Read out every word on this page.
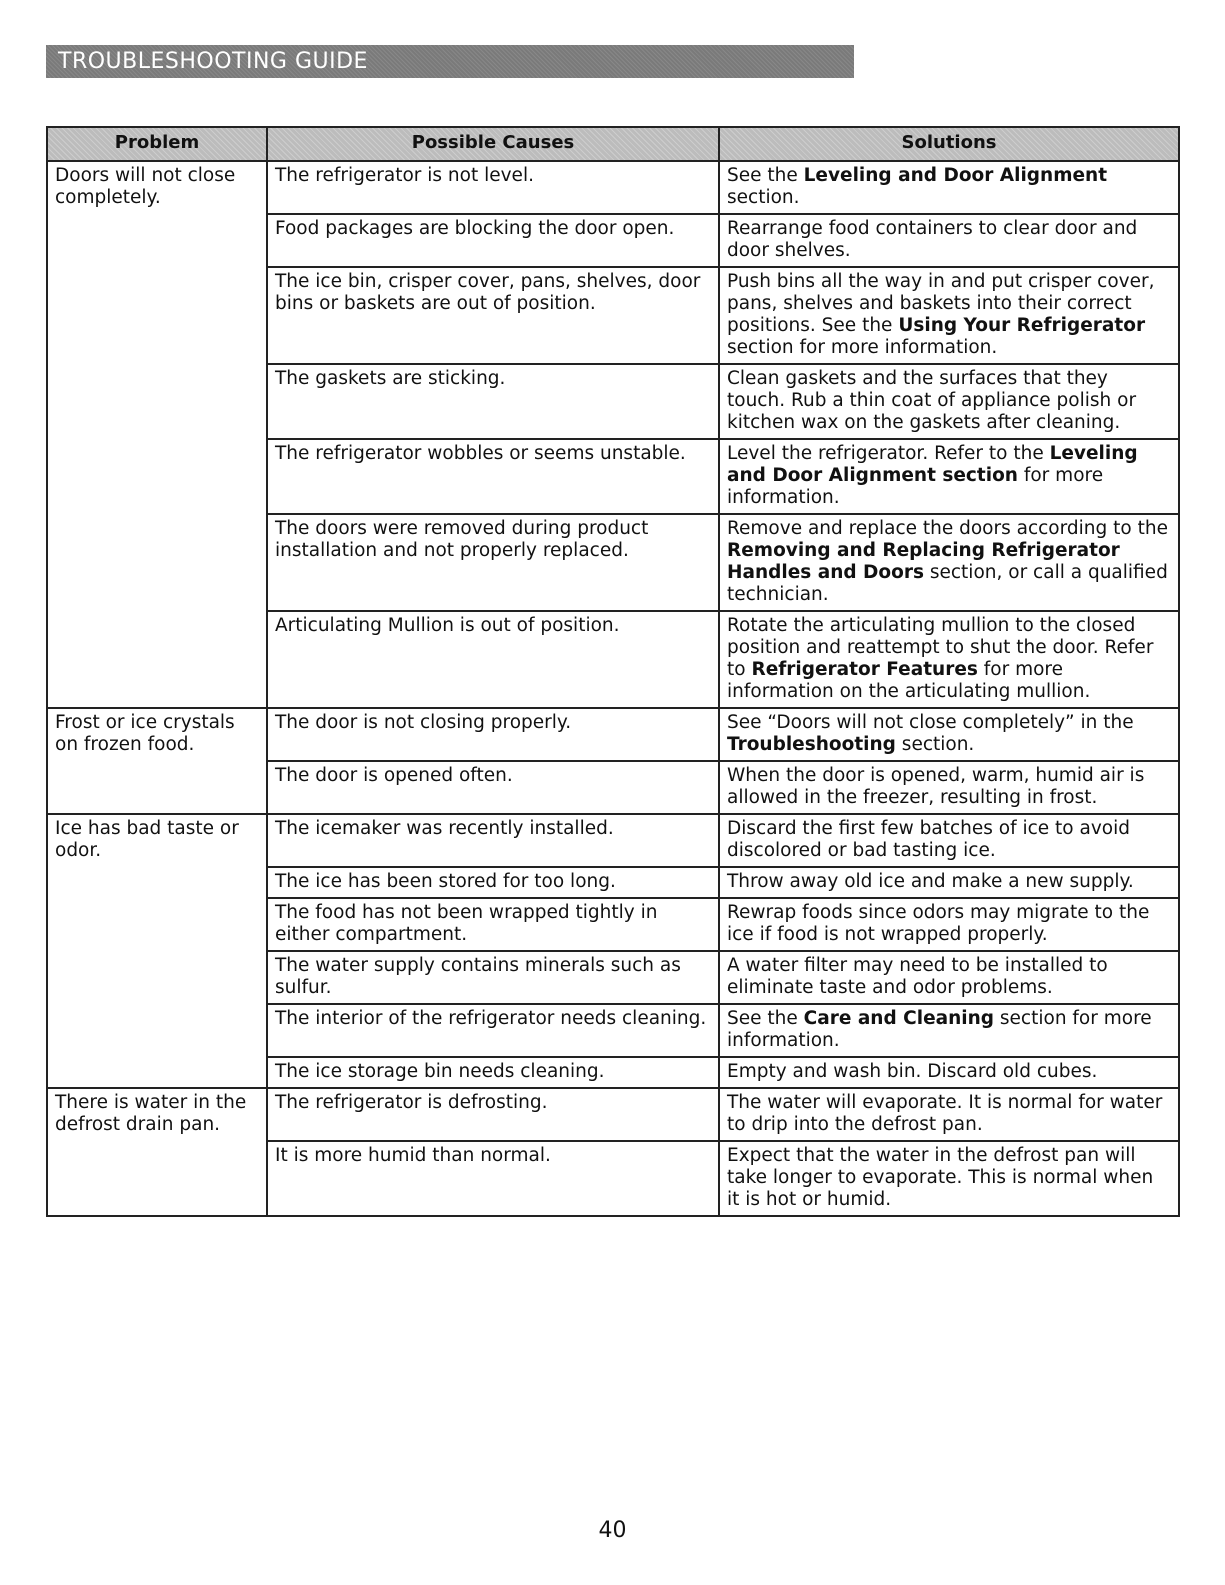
TROUBLESHOOTING GUIDE
Problem	Possible Causes	Solutions
Doors will not close completely.	The refrigerator is not level.	See the Leveling and Door Alignment section.
	Food packages are blocking the door open.	Rearrange food containers to clear door and door shelves.
	The ice bin, crisper cover, pans, shelves, door bins or baskets are out of position.	Push bins all the way in and put crisper cover, pans, shelves and baskets into their correct positions. See the Using Your Refrigerator section for more information.
	The gaskets are sticking.	Clean gaskets and the surfaces that they touch. Rub a thin coat of appliance polish or kitchen wax on the gaskets after cleaning.
	The refrigerator wobbles or seems unstable.	Level the refrigerator. Refer to the Leveling and Door Alignment section for more information.
	The doors were removed during product installation and not properly replaced.	Remove and replace the doors according to the Removing and Replacing Refrigerator Handles and Doors section, or call a qualified technician.
	Articulating Mullion is out of position.	Rotate the articulating mullion to the closed position and reattempt to shut the door. Refer to Refrigerator Features for more information on the articulating mullion.
Frost or ice crystals on frozen food.	The door is not closing properly.	See “Doors will not close completely” in the Troubleshooting section.
	The door is opened often.	When the door is opened, warm, humid air is allowed in the freezer, resulting in frost.
Ice has bad taste or odor.	The icemaker was recently installed.	Discard the first few batches of ice to avoid discolored or bad tasting ice.
	The ice has been stored for too long.	Throw away old ice and make a new supply.
	The food has not been wrapped tightly in either compartment.	Rewrap foods since odors may migrate to the ice if food is not wrapped properly.
	The water supply contains minerals such as sulfur.	A water filter may need to be installed to eliminate taste and odor problems.
	The interior of the refrigerator needs cleaning.	See the Care and Cleaning section for more information.
	The ice storage bin needs cleaning.	Empty and wash bin. Discard old cubes.
There is water in the defrost drain pan.	The refrigerator is defrosting.	The water will evaporate. It is normal for water to drip into the defrost pan.
	It is more humid than normal.	Expect that the water in the defrost pan will take longer to evaporate. This is normal when it is hot or humid.
40
